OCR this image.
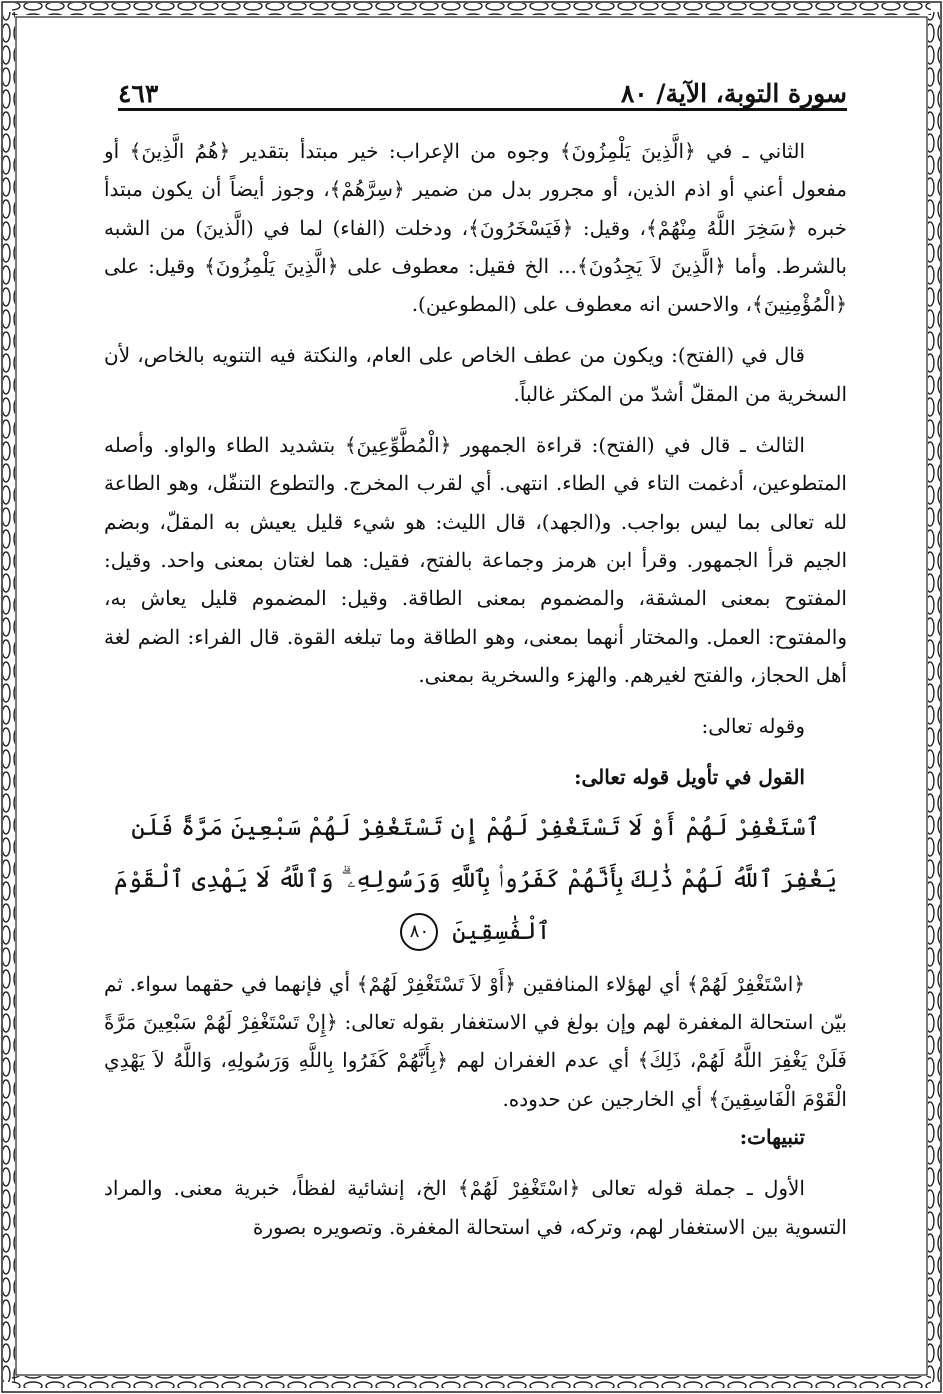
سورة التوبة، الآية/ ٨٠
٤٦٣

الثاني ـ في ﴿الَّذِينَ يَلْمِزُونَ﴾ وجوه من الإعراب: خير مبتدأ بتقدير ﴿هُمُ الَّذِينَ﴾ أو مفعول أعني أو اذم الذين، أو مجرور بدل من ضمير ﴿سِرَّهُمْ﴾، وجوز أيضاً أن يكون مبتدأ خبره ﴿سَخِرَ اللَّهُ مِنْهُمْ﴾، وقيل: ﴿فَيَسْخَرُونَ﴾، ودخلت (الفاء) لما في (الَّذينَ) من الشبه بالشرط. وأما ﴿الَّذِينَ لاَ يَجِدُونَ﴾... الخ فقيل: معطوف على ﴿الَّذِينَ يَلْمِزُونَ﴾ وقيل: على ﴿الْمُؤْمِنِينَ﴾، والاحسن انه معطوف على (المطوعين).

قال في (الفتح): ويكون من عطف الخاص على العام، والنكتة فيه التنويه بالخاص، لأن السخرية من المقلّ أشدّ من المكثر غالباً.

الثالث ـ قال في (الفتح): قراءة الجمهور ﴿الْمُطَّوِّعِينَ﴾ بتشديد الطاء والواو. وأصله المتطوعين، أدغمت التاء في الطاء. انتهى. أي لقرب المخرج. والتطوع التنفّل، وهو الطاعة لله تعالى بما ليس بواجب. و(الجهد)، قال الليث: هو شيء قليل يعيش به المقلّ، وبضم الجيم قرأ الجمهور. وقرأ ابن هرمز وجماعة بالفتح، فقيل: هما لغتان بمعنى واحد. وقيل: المفتوح بمعنى المشقة، والمضموم بمعنى الطاقة. وقيل: المضموم قليل يعاش به، والمفتوح: العمل. والمختار أنهما بمعنى، وهو الطاقة وما تبلغه القوة. قال الفراء: الضم لغة أهل الحجاز، والفتح لغيرهم. والهزء والسخرية بمعنى.

وقوله تعالى:

القول في تأويل قوله تعالى:

ٱسْتَغْفِرْ لَهُمْ أَوْ لَا تَسْتَغْفِرْ لَهُمْ إِن تَسْتَغْفِرْ لَهُمْ سَبْعِينَ مَرَّةً فَلَن يَغْفِرَ ٱللَّهُ لَهُمْ ذَٰلِكَ بِأَنَّهُمْ كَفَرُوا۟ بِٱللَّهِ وَرَسُولِهِۦ ۗ وَٱللَّهُ لَا يَهْدِى ٱلْقَوْمَ ٱلْفَٰسِقِينَ ٨٠

﴿اسْتَغْفِرْ لَهُمْ﴾ أي لهؤلاء المنافقين ﴿أَوْ لاَ تَسْتَغْفِرْ لَهُمْ﴾ أي فإنهما في حقهما سواء. ثم بيّن استحالة المغفرة لهم وإن بولغ في الاستغفار بقوله تعالى: ﴿إِنْ تَسْتَغْفِرْ لَهُمْ سَبْعِينَ مَرَّةً فَلَنْ يَغْفِرَ اللَّهُ لَهُمْ، ذَلِكَ﴾ أي عدم الغفران لهم ﴿بِأَنَّهُمْ كَفَرُوا بِاللَّهِ وَرَسُولِهِ، وَاللَّهُ لاَ يَهْدِي الْقَوْمَ الْفَاسِقِينَ﴾ أي الخارجين عن حدوده.

تنبيهات:

الأول ـ جملة قوله تعالى ﴿اسْتَغْفِرْ لَهُمْ﴾ الخ، إنشائية لفظاً، خبرية معنى. والمراد التسوية بين الاستغفار لهم، وتركه، في استحالة المغفرة. وتصويره بصورة
